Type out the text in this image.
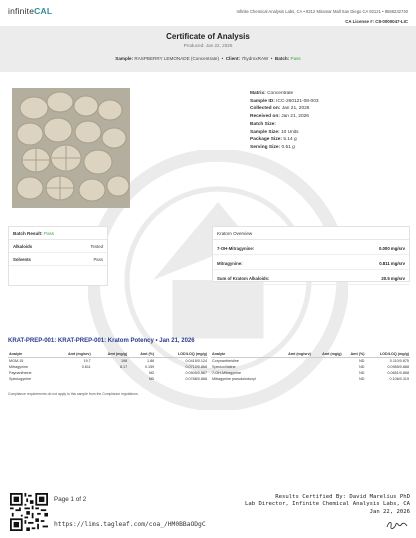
infiniteCAL	Infinite Chemical Analysis Labs, CA • 8312 Miramar Mall San Diego CA 92121 • 8586232740
CA License #: C8-0000047-LIC
Certificate of Analysis
Produced: Jan 22, 2026
Sample: RASPBERRY LEMONADE (Concentrate)  •  Client: 7hydroxRAW  •  Batch: Pass
Matrix: Concentrate
Sample ID: ICC-260121-08-003
Collected on: Jan 21, 2026
Received on: Jan 21, 2026
Batch Size:
Sample Size: 10 Units
Package Size: 5.14 g
Serving Size: 0.51 g
Batch Result: Pass
Alkaloids	Tested
Solvents	Pass
Kratom Overview
7-OH-Mitragynine:	0.000 mg/srv
Mitragynine:	0.811 mg/srv
Sum of Kratom Alkaloids:	20.5 mg/srv
KRAT-PREP-001: KRAT-PREP-001: Kratom Potency • Jan 21, 2026
Analyte	Amt (mg/srv)	Amt (mg/g)	Amt (%)	LOD/LOQ (mg/g)
MGM-15	19.7	198	1.86	0.0415/0.124
Mitragynine	0.811	8.17	0.159	0.0712/0.868
Paynantheine			ND	0.0505/0.867
Speciogynine			ND	0.0788/0.868
Analyte	Amt (mg/srv)	Amt (mg/g)	Amt (%)	LOD/LOQ (mg/g)
Corynantheidine			ND	0.110/0.875
Speciociliatine			ND	0.0985/0.868
7-OH-Mitragynine			ND	0.0651/0.868
Mitragynine pseudoindoxyl			ND	0.106/0.319
Compliance requirements do not apply to this sample from the Compliance regulations.
Page 1 of 2
https://lims.tagleaf.com/coa_/HM0BBaODgC
Results Certified By: David Marelius PhD
Lab Director, Infinite Chemical Analysis Labs, CA
Jan 22, 2026
